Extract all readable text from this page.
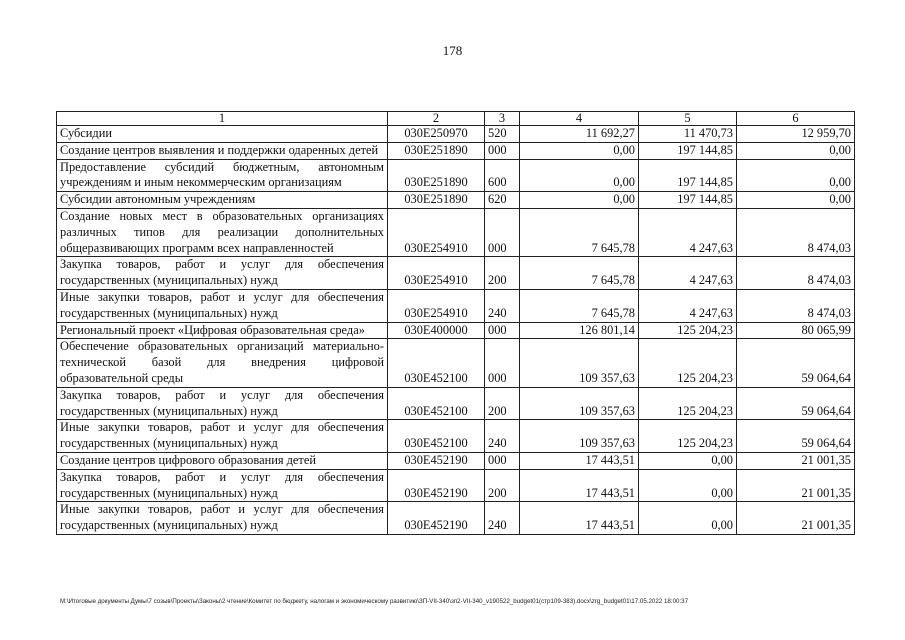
178
1	2	3	4	5	6
Субсидии	030E250970	520	11 692,27	11 470,73	12 959,70
Создание центров выявления и поддержки одаренных детей	030E251890	000	0,00	197 144,85	0,00
Предоставление субсидий бюджетным, автономным учреждениям и иным некоммерческим организациям	030E251890	600	0,00	197 144,85	0,00
Субсидии автономным учреждениям	030E251890	620	0,00	197 144,85	0,00
Создание новых мест в образовательных организациях различных типов для реализации дополнительных общеразвивающих программ всех направленностей	030E254910	000	7 645,78	4 247,63	8 474,03
Закупка товаров, работ и услуг для обеспечения государственных (муниципальных) нужд	030E254910	200	7 645,78	4 247,63	8 474,03
Иные закупки товаров, работ и услуг для обеспечения государственных (муниципальных) нужд	030E254910	240	7 645,78	4 247,63	8 474,03
Региональный проект «Цифровая образовательная среда»	030E400000	000	126 801,14	125 204,23	80 065,99
Обеспечение образовательных организаций материально-технической базой для внедрения цифровой образовательной среды	030E452100	000	109 357,63	125 204,23	59 064,64
Закупка товаров, работ и услуг для обеспечения государственных (муниципальных) нужд	030E452100	200	109 357,63	125 204,23	59 064,64
Иные закупки товаров, работ и услуг для обеспечения государственных (муниципальных) нужд	030E452100	240	109 357,63	125 204,23	59 064,64
Создание центров цифрового образования детей	030E452190	000	17 443,51	0,00	21 001,35
Закупка товаров, работ и услуг для обеспечения государственных (муниципальных) нужд	030E452190	200	17 443,51	0,00	21 001,35
Иные закупки товаров, работ и услуг для обеспечения государственных (муниципальных) нужд	030E452190	240	17 443,51	0,00	21 001,35
M:\Итоговые документы Думы\7 созыв\Проекты\Законы\2 чтение\Комитет по бюджету, налогам и экономическому развитию\ЗП-VII-340\зп2-VII-340_v190522_budget01(стр109-383).docx\zrg_budget01\17.05.2022 18:00:37
